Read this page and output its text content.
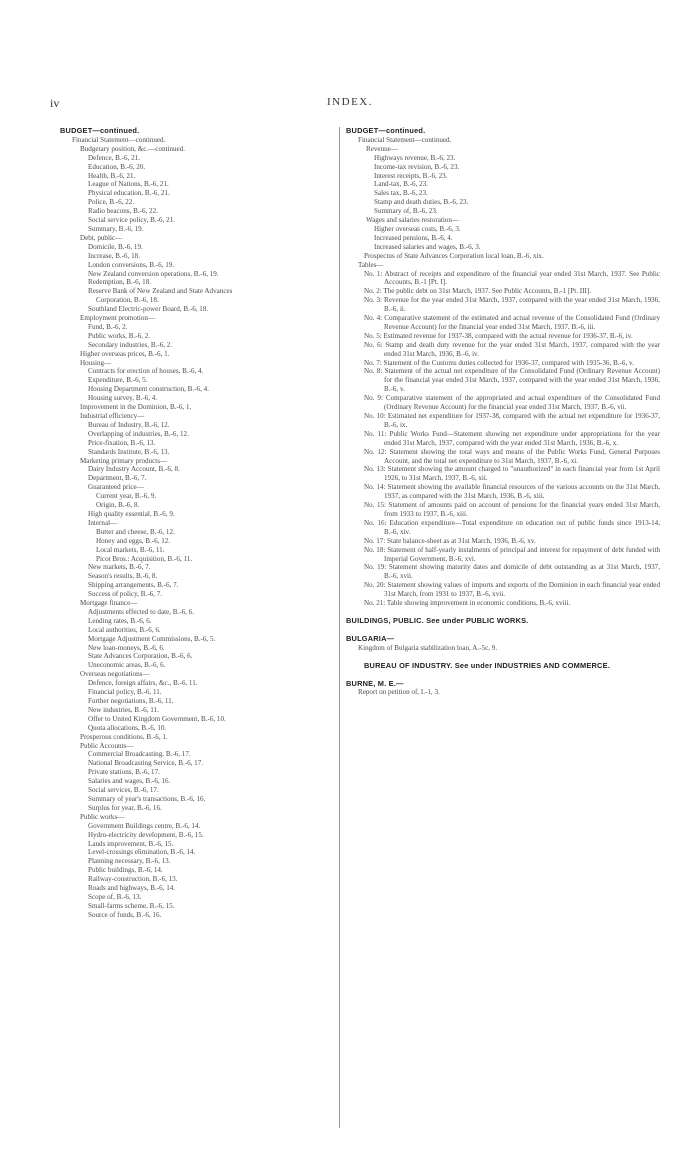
iv	INDEX.
BUDGET—continued.
Financial Statement—continued.
Budgetary position, &c.—continued.
Defence, B.-6, 21.
Education, B.-6, 20.
Health, B.-6, 21.
League of Nations, B.-6, 21.
Physical education, B.-6, 21.
Police, B.-6, 22.
Radio beacons, B.-6, 22.
Social service policy, B.-6, 21.
Summary, B.-6, 19.
Debt, public—
Domicile, B.-6, 19.
Increase, B.-6, 18.
London conversions, B.-6, 19.
New Zealand conversion operations, B.-6, 19.
Redemption, B.-6, 18.
Reserve Bank of New Zealand and State Advances
Corporation, B.-6, 18.
Southland Electric-power Board, B.-6, 18.
Employment promotion—
Fund, B.-6, 2.
Public works, B.-6, 2.
Secondary industries, B.-6, 2.
Higher overseas prices, B.-6, 1.
Housing—
Contracts for erection of houses, B.-6, 4.
Expenditure, B.-6, 5.
Housing Department construction, B.-6, 4.
Housing survey, B.-6, 4.
Improvement in the Dominion, B.-6, 1.
Industrial efficiency—
Bureau of Industry, B.-6, 12.
Overlapping of industries, B.-6, 12.
Price-fixation, B.-6, 13.
Standards Institute, B.-6, 13.
Marketing primary products—
Dairy Industry Account, B.-6, 8.
Department, B.-6, 7.
Guaranteed price—
Current year, B.-6, 9.
Origin, B.-6, 8.
High quality essential, B.-6, 9.
Internal—
Butter and cheese, B.-6, 12.
Honey and eggs, B.-6, 12.
Local markets, B.-6, 11.
Picot Bros.: Acquisition, B.-6, 11.
New markets, B.-6, 7.
Season's results, B.-6, 8.
Shipping arrangements, B.-6, 7.
Success of policy, B.-6, 7.
Mortgage finance—
Adjustments effected to date, B.-6, 6.
Lending rates, B.-6, 6.
Local authorities, B.-6, 6.
Mortgage Adjustment Commissions, B.-6, 5.
New loan-moneys, B.-6, 6.
State Advances Corporation, B.-6, 6.
Uneconomic areas, B.-6, 6.
Overseas negotiations—
Defence, foreign affairs, &c., B.-6, 11.
Financial policy, B.-6, 11.
Further negotiations, B.-6, 11.
New industries, B.-6, 11.
Offer to United Kingdom Government, B.-6, 10.
Quota allocations, B.-6, 10.
Prosperous conditions, B.-6, 1.
Public Accounts—
Commercial Broadcasting, B.-6, 17.
National Broadcasting Service, B.-6, 17.
Private stations, B.-6, 17.
Salaries and wages, B.-6, 16.
Social services, B.-6, 17.
Summary of year's transactions, B.-6, 16.
Surplus for year, B.-6, 16.
Public works—
Government Buildings centre, B.-6, 14.
Hydro-electricity development, B.-6, 15.
Lands improvement, B.-6, 15.
Level-crossings elimination, B.-6, 14.
Planning necessary, B.-6, 13.
Public buildings, B.-6, 14.
Railway-construction, B.-6, 13.
Roads and highways, B.-6, 14.
Scope of, B.-6, 13.
Small-farms scheme, B.-6, 15.
Source of funds, B.-6, 16.
BUDGET—continued.
Financial Statement—continued.
Revenue—
Highways revenue, B.-6, 23.
Income-tax revision, B.-6, 23.
Interest receipts, B.-6, 23.
Land-tax, B.-6, 23.
Sales tax, B.-6, 23.
Stamp and death duties, B.-6, 23.
Summary of, B.-6, 23.
Wages and salaries restoration—
Higher overseas costs, B.-6, 3.
Increased pensions, B.-6, 4.
Increased salaries and wages, B.-6, 3.
Prospectus of State Advances Corporation local loan, B.-6, xix.
Tables—
No. 1: Abstract of receipts and expenditure of the financial year ended 31st March, 1937. See Public Accounts, B.-1 [Pt. I].
No. 2: The public debt on 31st March, 1937. See Public Accounts, B.-1 [Pt. III].
No. 3: Revenue for the year ended 31st March, 1937, compared with the year ended 31st March, 1936, B.-6, ii.
No. 4: Comparative statement of the estimated and actual revenue of the Consolidated Fund (Ordinary Revenue Account) for the financial year ended 31st March, 1937, B.-6, iii.
No. 5: Estimated revenue for 1937-38, compared with the actual revenue for 1936-37, B.-6, iv.
No. 6: Stamp and death duty revenue for the year ended 31st March, 1937, compared with the year ended 31st March, 1936, B.-6, iv.
No. 7: Statement of the Customs duties collected for 1936-37, compared with 1935-36, B.-6, v.
No. 8: Statement of the actual net expenditure of the Consolidated Fund (Ordinary Revenue Account) for the financial year ended 31st March, 1937, compared with the year ended 31st March, 1936, B.-6, v.
No. 9: Comparative statement of the appropriated and actual expenditure of the Consolidated Fund (Ordinary Revenue Account) for the financial year ended 31st March, 1937, B.-6, vii.
No. 10: Estimated net expenditure for 1937-38, compared with the actual net expenditure for 1936-37, B.-6, ix.
No. 11: Public Works Fund—Statement showing net expenditure under appropriations for the year ended 31st March, 1937, compared with the year ended 31st March, 1936, B.-6, x.
No. 12: Statement showing the total ways and means of the Public Works Fund, General Purposes Account, and the total net expenditure to 31st March, 1937, B.-6, xi.
No. 13: Statement showing the amount charged to "unauthorized" in each financial year from 1st April 1926, to 31st March, 1937, B.-6, xii.
No. 14: Statement showing the available financial resources of the various accounts on the 31st March, 1937, as compared with the 31st March, 1936, B.-6, xiii.
No. 15: Statement of amounts paid on account of pensions for the financial years ended 31st March, from 1933 to 1937, B.-6, xiii.
No. 16: Education expenditure—Total expenditure on education out of public funds since 1913-14, B.-6, xiv.
No. 17: State balance-sheet as at 31st March, 1936, B.-6, xv.
No. 18: Statement of half-yearly instalments of principal and interest for repayment of debt funded with Imperial Government, B.-6, xvi.
No. 19: Statement showing maturity dates and domicile of debt outstanding as at 31st March, 1937, B.-6, xvii.
No. 20: Statement showing values of imports and exports of the Dominion in each financial year ended 31st March, from 1931 to 1937, B.-6, xvii.
No. 21: Table showing improvement in economic conditions, B.-6, xviii.
BUILDINGS, PUBLIC. See under PUBLIC WORKS.
BULGARIA—
Kingdom of Bulgaria stabilization loan, A.-5c, 9.
BUREAU OF INDUSTRY. See under INDUSTRIES AND COMMERCE.
BURNE, M. E.—
Report on petition of, I.-1, 3.
